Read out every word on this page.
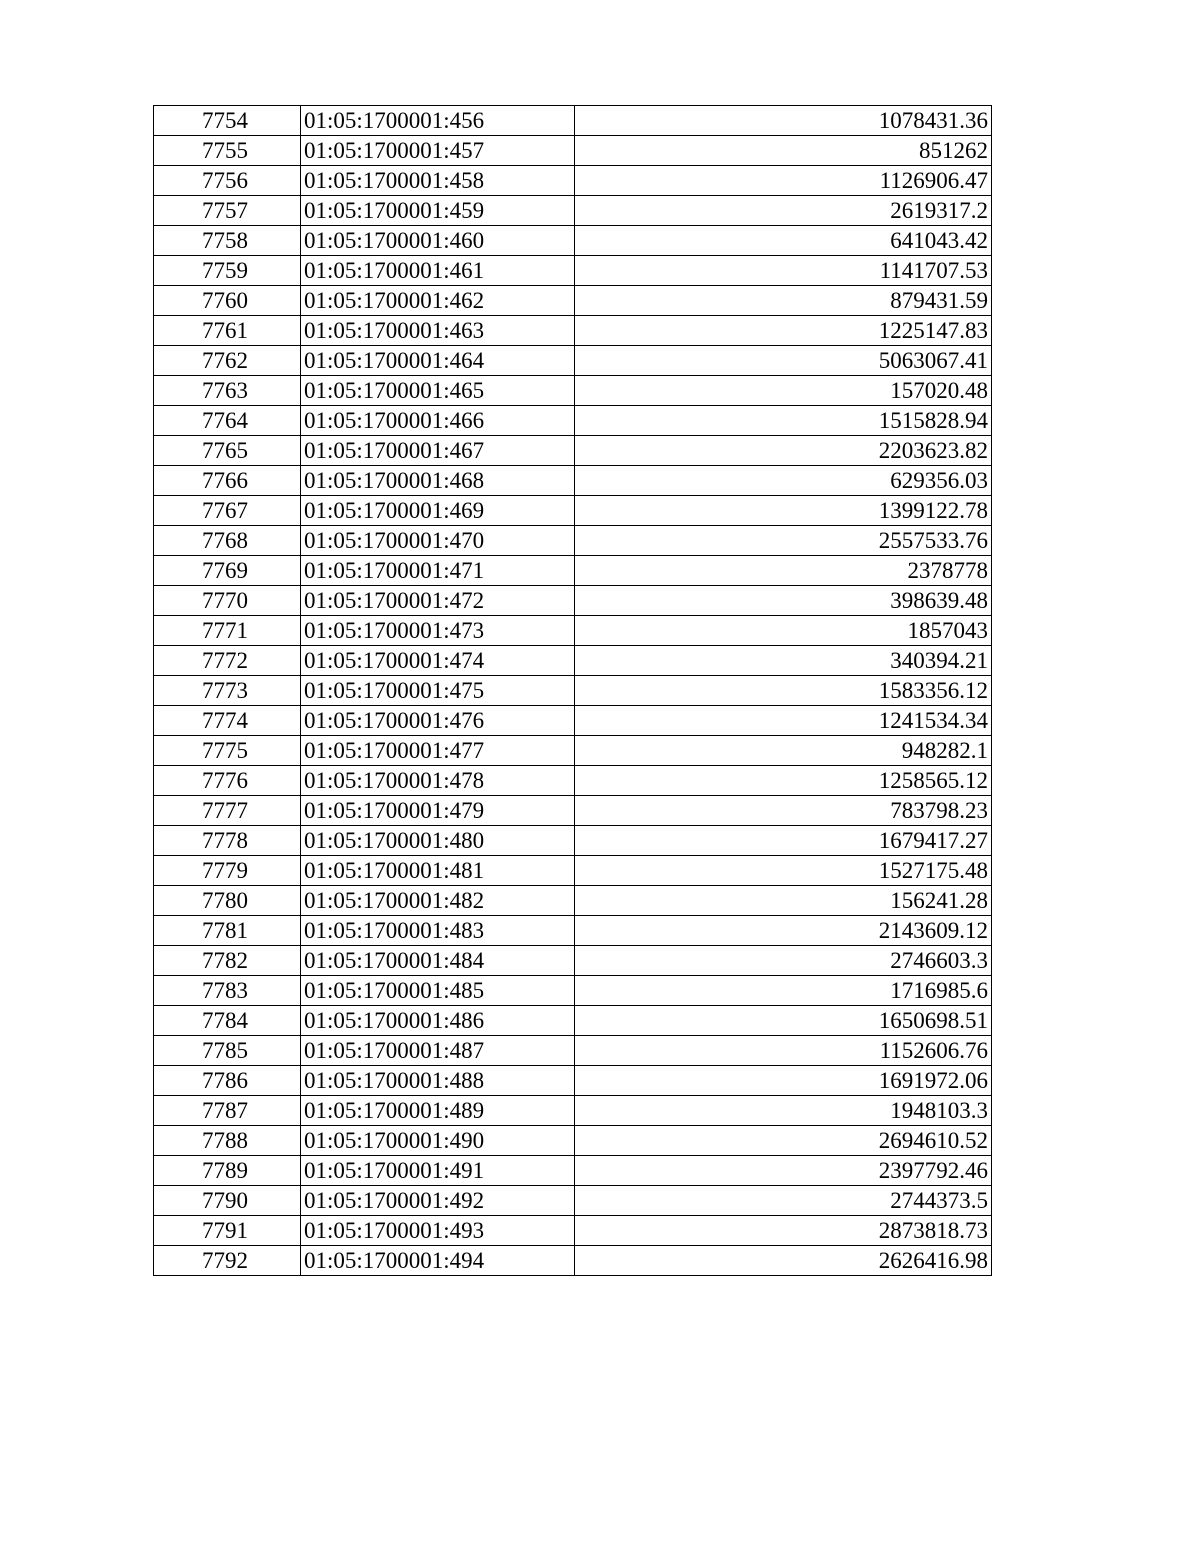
7754	01:05:1700001:456	1078431.36
7755	01:05:1700001:457	851262
7756	01:05:1700001:458	1126906.47
7757	01:05:1700001:459	2619317.2
7758	01:05:1700001:460	641043.42
7759	01:05:1700001:461	1141707.53
7760	01:05:1700001:462	879431.59
7761	01:05:1700001:463	1225147.83
7762	01:05:1700001:464	5063067.41
7763	01:05:1700001:465	157020.48
7764	01:05:1700001:466	1515828.94
7765	01:05:1700001:467	2203623.82
7766	01:05:1700001:468	629356.03
7767	01:05:1700001:469	1399122.78
7768	01:05:1700001:470	2557533.76
7769	01:05:1700001:471	2378778
7770	01:05:1700001:472	398639.48
7771	01:05:1700001:473	1857043
7772	01:05:1700001:474	340394.21
7773	01:05:1700001:475	1583356.12
7774	01:05:1700001:476	1241534.34
7775	01:05:1700001:477	948282.1
7776	01:05:1700001:478	1258565.12
7777	01:05:1700001:479	783798.23
7778	01:05:1700001:480	1679417.27
7779	01:05:1700001:481	1527175.48
7780	01:05:1700001:482	156241.28
7781	01:05:1700001:483	2143609.12
7782	01:05:1700001:484	2746603.3
7783	01:05:1700001:485	1716985.6
7784	01:05:1700001:486	1650698.51
7785	01:05:1700001:487	1152606.76
7786	01:05:1700001:488	1691972.06
7787	01:05:1700001:489	1948103.3
7788	01:05:1700001:490	2694610.52
7789	01:05:1700001:491	2397792.46
7790	01:05:1700001:492	2744373.5
7791	01:05:1700001:493	2873818.73
7792	01:05:1700001:494	2626416.98
